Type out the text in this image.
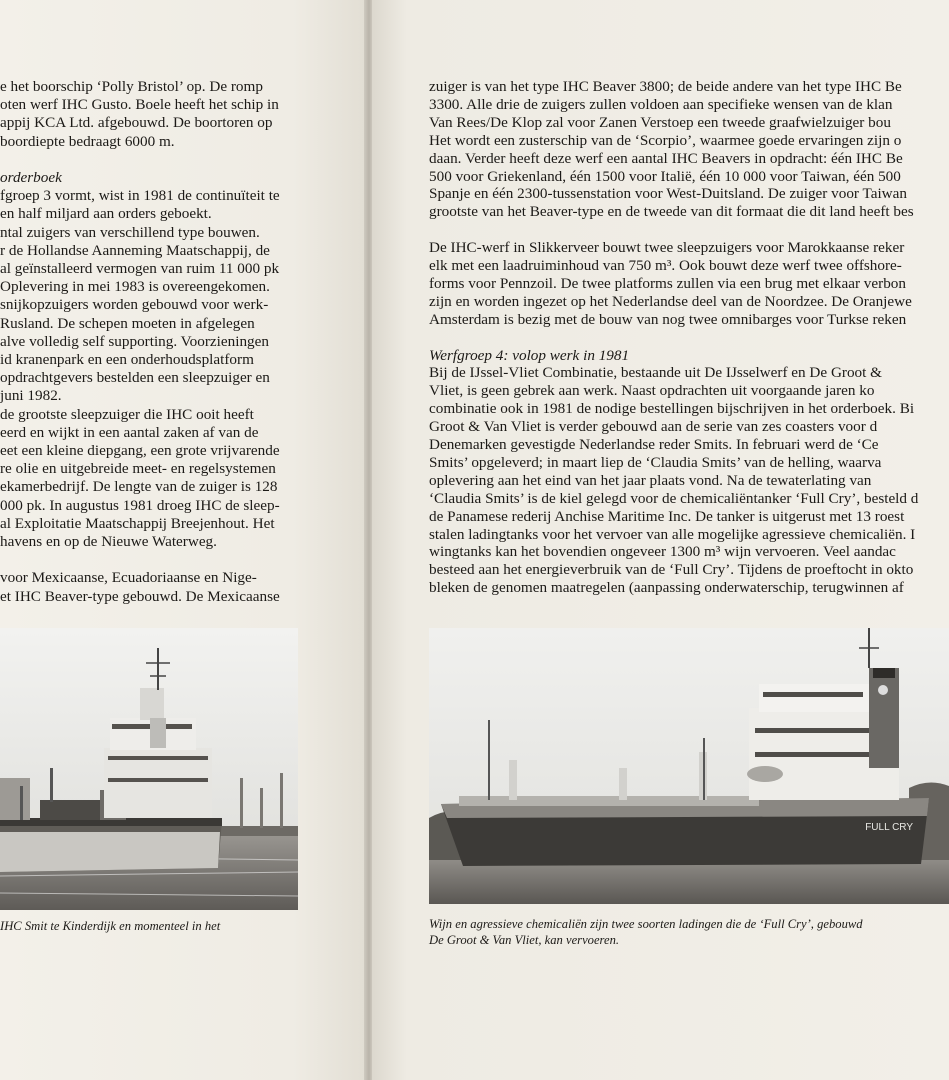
IHC Smit te Kinderdijk en momenteel in het
FULL CRY
Wijn en agressieve chemicaliën zijn twee soorten ladingen die de ‘Full Cry’, gebouwd
De Groot & Van Vliet, kan vervoeren.
e het boorschip ‘Polly Bristol’ op. De romp
oten werf IHC Gusto. Boele heeft het schip in
appij KCA Ltd. afgebouwd. De boortoren op
boordiepte bedraagt 6000 m.
orderboek
fgroep 3 vormt, wist in 1981 de continuïteit te
en half miljard aan orders geboekt.
ntal zuigers van verschillend type bouwen.
r de Hollandse Aanneming Maatschappij, de
al geïnstalleerd vermogen van ruim 11 000 pk
Oplevering in mei 1983 is overeengekomen.
snijkopzuigers worden gebouwd voor werk-
Rusland. De schepen moeten in afgelegen
alve volledig self supporting. Voorzieningen
id kranenpark en een onderhoudsplatform
opdrachtgevers bestelden een sleepzuiger en
juni 1982.
de grootste sleepzuiger die IHC ooit heeft
eerd en wijkt in een aantal zaken af van de
eet een kleine diepgang, een grote vrijvarende
re olie en uitgebreide meet- en regelsystemen
ekamerbedrijf. De lengte van de zuiger is 128
000 pk. In augustus 1981 droeg IHC de sleep-
al Exploitatie Maatschappij Breejenhout. Het
havens en op de Nieuwe Waterweg.
voor Mexicaanse, Ecuadoriaanse en Nige-
et IHC Beaver-type gebouwd. De Mexicaanse
zuiger is van het type IHC Beaver 3800; de beide andere van het type IHC Be
3300. Alle drie de zuigers zullen voldoen aan specifieke wensen van de klan
Van Rees/De Klop zal voor Zanen Verstoep een tweede graafwielzuiger bou
Het wordt een zusterschip van de ‘Scorpio’, waarmee goede ervaringen zijn o
daan. Verder heeft deze werf een aantal IHC Beavers in opdracht: één IHC Be
500 voor Griekenland, één 1500 voor Italië, één 10 000 voor Taiwan, één 500
Spanje en één 2300-tussenstation voor West-Duitsland. De zuiger voor Taiwan
grootste van het Beaver-type en de tweede van dit formaat die dit land heeft bes
De IHC-werf in Slikkerveer bouwt twee sleepzuigers voor Marokkaanse reker
elk met een laadruiminhoud van 750 m³. Ook bouwt deze werf twee offshore-
forms voor Pennzoil. De twee platforms zullen via een brug met elkaar verbon
zijn en worden ingezet op het Nederlandse deel van de Noordzee. De Oranjewe
Amsterdam is bezig met de bouw van nog twee omnibarges voor Turkse reken
Werfgroep 4: volop werk in 1981
Bij de IJssel-Vliet Combinatie, bestaande uit De IJsselwerf en De Groot &
Vliet, is geen gebrek aan werk. Naast opdrachten uit voorgaande jaren ko
combinatie ook in 1981 de nodige bestellingen bijschrijven in het orderboek. Bi
Groot & Van Vliet is verder gebouwd aan de serie van zes coasters voor d
Denemarken gevestigde Nederlandse reder Smits. In februari werd de ‘Ce
Smits’ opgeleverd; in maart liep de ‘Claudia Smits’ van de helling, waarva
oplevering aan het eind van het jaar plaats vond. Na de tewaterlating van
‘Claudia Smits’ is de kiel gelegd voor de chemicaliëntanker ‘Full Cry’, besteld d
de Panamese rederij Anchise Maritime Inc. De tanker is uitgerust met 13 roest
stalen ladingtanks voor het vervoer van alle mogelijke agressieve chemicaliën. I
wingtanks kan het bovendien ongeveer 1300 m³ wijn vervoeren. Veel aandac
besteed aan het energieverbruik van de ‘Full Cry’. Tijdens de proeftocht in okto
bleken de genomen maatregelen (aanpassing onderwaterschip, terugwinnen af
